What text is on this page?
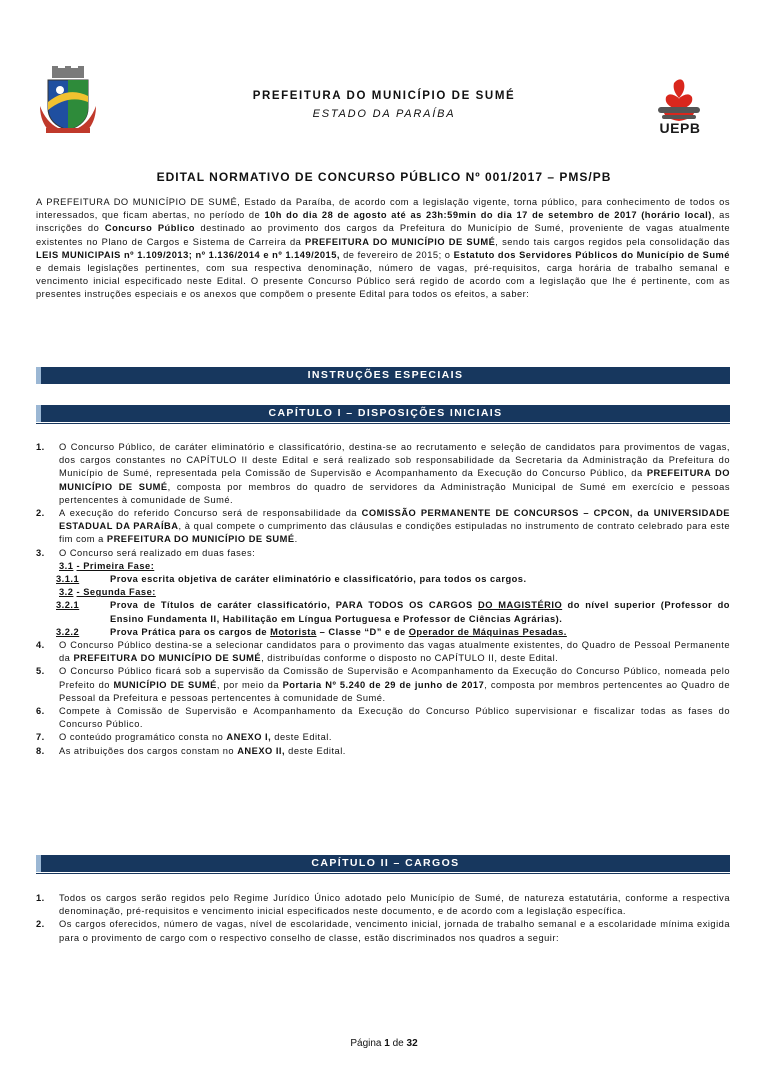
UEPB
PREFEITURA DO MUNICÍPIO DE SUMÉ
ESTADO DA PARAÍBA
EDITAL NORMATIVO DE CONCURSO PÚBLICO Nº 001/2017 – PMS/PB
A PREFEITURA DO MUNICÍPIO DE SUMÉ, Estado da Paraíba, de acordo com a legislação vigente, torna público, para conhecimento de todos os interessados, que ficam abertas, no período de 10h do dia 28 de agosto até as 23h:59min do dia 17 de setembro de 2017 (horário local), as inscrições do Concurso Público destinado ao provimento dos cargos da Prefeitura do Município de Sumé, proveniente de vagas atualmente existentes no Plano de Cargos e Sistema de Carreira da PREFEITURA DO MUNICÍPIO DE SUMÉ, sendo tais cargos regidos pela consolidação das LEIS MUNICIPAIS nº 1.109/2013; nº 1.136/2014 e nº 1.149/2015, de fevereiro de 2015; o Estatuto dos Servidores Públicos do Município de Sumé e demais legislações pertinentes, com sua respectiva denominação, número de vagas, pré-requisitos, carga horária de trabalho semanal e vencimento inicial especificado neste Edital. O presente Concurso Público será regido de acordo com a legislação que lhe é pertinente, com as presentes instruções especiais e os anexos que compõem o presente Edital para todos os efeitos, a saber:
INSTRUÇÕES ESPECIAIS
CAPÍTULO I – DISPOSIÇÕES INICIAIS
1. O Concurso Público, de caráter eliminatório e classificatório, destina-se ao recrutamento e seleção de candidatos para provimentos de vagas, dos cargos constantes no CAPÍTULO II deste Edital e será realizado sob responsabilidade da Secretaria da Administração da Prefeitura do Município de Sumé, representada pela Comissão de Supervisão e Acompanhamento da Execução do Concurso Público, da PREFEITURA DO MUNICÍPIO DE SUMÉ, composta por membros do quadro de servidores da Administração Municipal de Sumé em exercício e pessoas pertencentes à comunidade de Sumé.
2. A execução do referido Concurso será de responsabilidade da COMISSÃO PERMANENTE DE CONCURSOS – CPCON, da UNIVERSIDADE ESTADUAL DA PARAÍBA, à qual compete o cumprimento das cláusulas e condições estipuladas no instrumento de contrato celebrado para este fim com a PREFEITURA DO MUNICÍPIO DE SUMÉ.
3. O Concurso será realizado em duas fases:
3.1 - Primeira Fase:
3.1.1	Prova escrita objetiva de caráter eliminatório e classificatório, para todos os cargos.
3.2 - Segunda Fase:
3.2.1	Prova de Títulos de caráter classificatório, PARA TODOS OS CARGOS DO MAGISTÉRIO do nível superior (Professor do Ensino Fundamenta II, Habilitação em Língua Portuguesa e Professor de Ciências Agrárias).
3.2.2	Prova Prática para os cargos de Motorista – Classe “D” e de Operador de Máquinas Pesadas.
4. O Concurso Público destina-se a selecionar candidatos para o provimento das vagas atualmente existentes, do Quadro de Pessoal Permanente da PREFEITURA DO MUNICÍPIO DE SUMÉ, distribuídas conforme o disposto no CAPÍTULO II, deste Edital.
5. O Concurso Público ficará sob a supervisão da Comissão de Supervisão e Acompanhamento da Execução do Concurso Público, nomeada pelo Prefeito do MUNICÍPIO DE SUMÉ, por meio da Portaria Nº 5.240 de 29 de junho de 2017, composta por membros pertencentes ao Quadro de Pessoal da Prefeitura e pessoas pertencentes à comunidade de Sumé.
6. Compete à Comissão de Supervisão e Acompanhamento da Execução do Concurso Público supervisionar e fiscalizar todas as fases do Concurso Público.
7. O conteúdo programático consta no ANEXO I, deste Edital.
8. As atribuições dos cargos constam no ANEXO II, deste Edital.
CAPÍTULO II – CARGOS
1. Todos os cargos serão regidos pelo Regime Jurídico Único adotado pelo Município de Sumé, de natureza estatutária, conforme a respectiva denominação, pré-requisitos e vencimento inicial especificados neste documento, e de acordo com a legislação específica.
2. Os cargos oferecidos, número de vagas, nível de escolaridade, vencimento inicial, jornada de trabalho semanal e a escolaridade mínima exigida para o provimento de cargo com o respectivo conselho de classe, estão discriminados nos quadros a seguir:
Página 1 de 32
